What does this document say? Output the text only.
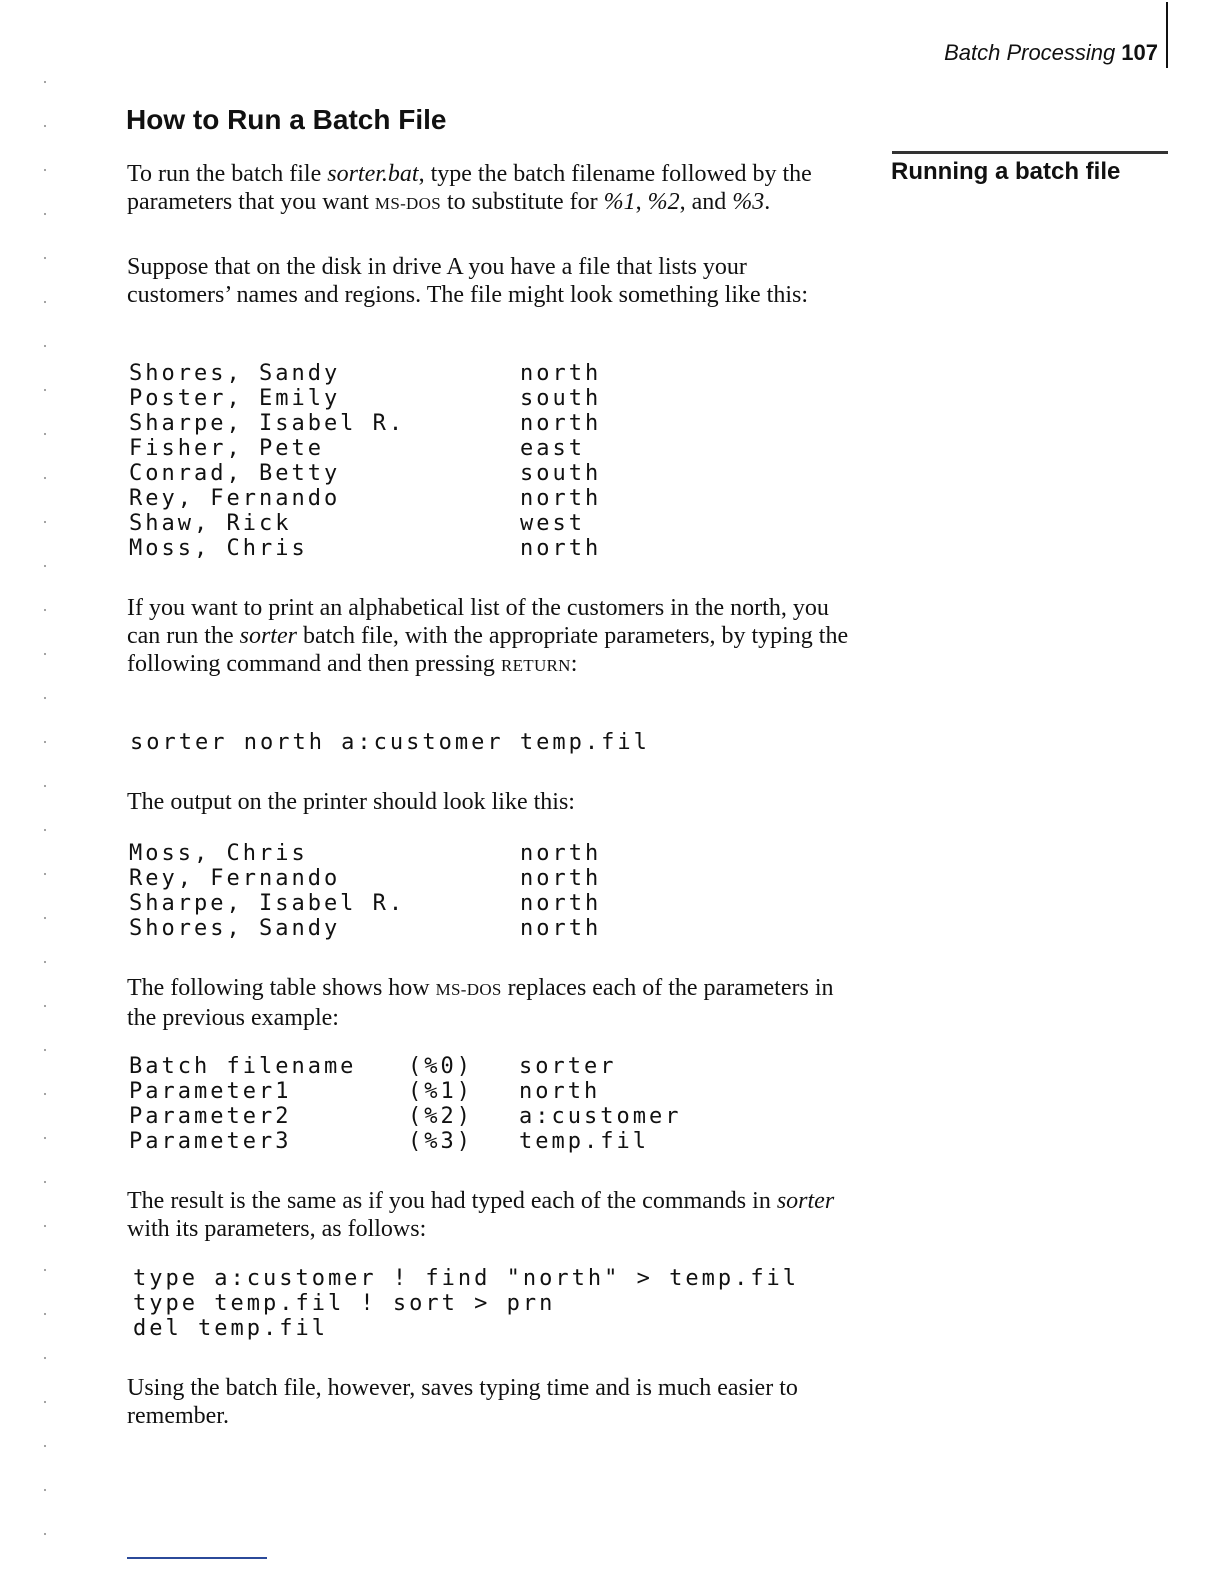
Batch Processing 107
How to Run a Batch File
Running a batch file

To run the batch file sorter.bat, type the batch filename followed by the parameters that you want MS-DOS to substitute for %1, %2, and %3.

Suppose that on the disk in drive A you have a file that lists your customers’ names and regions. The file might look something like this:

Shores, Sandy	north
Poster, Emily	south
Sharpe, Isabel R.	north
Fisher, Pete	east
Conrad, Betty	south
Rey, Fernando	north
Shaw, Rick	west
Moss, Chris	north

If you want to print an alphabetical list of the customers in the north, you can run the sorter batch file, with the appropriate parameters, by typing the following command and then pressing RETURN:

sorter north a:customer temp.fil

The output on the printer should look like this:

Moss, Chris	north
Rey, Fernando	north
Sharpe, Isabel R.	north
Shores, Sandy	north

The following table shows how MS-DOS replaces each of the parameters in the previous example:

Batch filename	(%0)	sorter
Parameter1	(%1)	north
Parameter2	(%2)	a:customer
Parameter3	(%3)	temp.fil

The result is the same as if you had typed each of the commands in sorter with its parameters, as follows:

type a:customer ! find "north" > temp.fil
type temp.fil ! sort > prn
del temp.fil

Using the batch file, however, saves typing time and is much easier to remember.
